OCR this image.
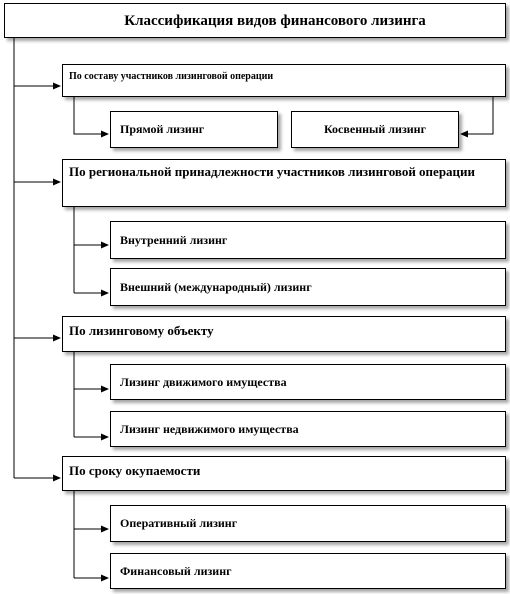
Классификация видов финансового лизинга
По составу участников лизинговой операции
Прямой лизинг	Косвенный лизинг
По региональной принадлежности участников лизинговой операции
Внутренний лизинг
Внешний (международный) лизинг
По лизинговому объекту
Лизинг движимого имущества
Лизинг недвижимого имущества
По сроку окупаемости
Оперативный лизинг
Финансовый лизинг
